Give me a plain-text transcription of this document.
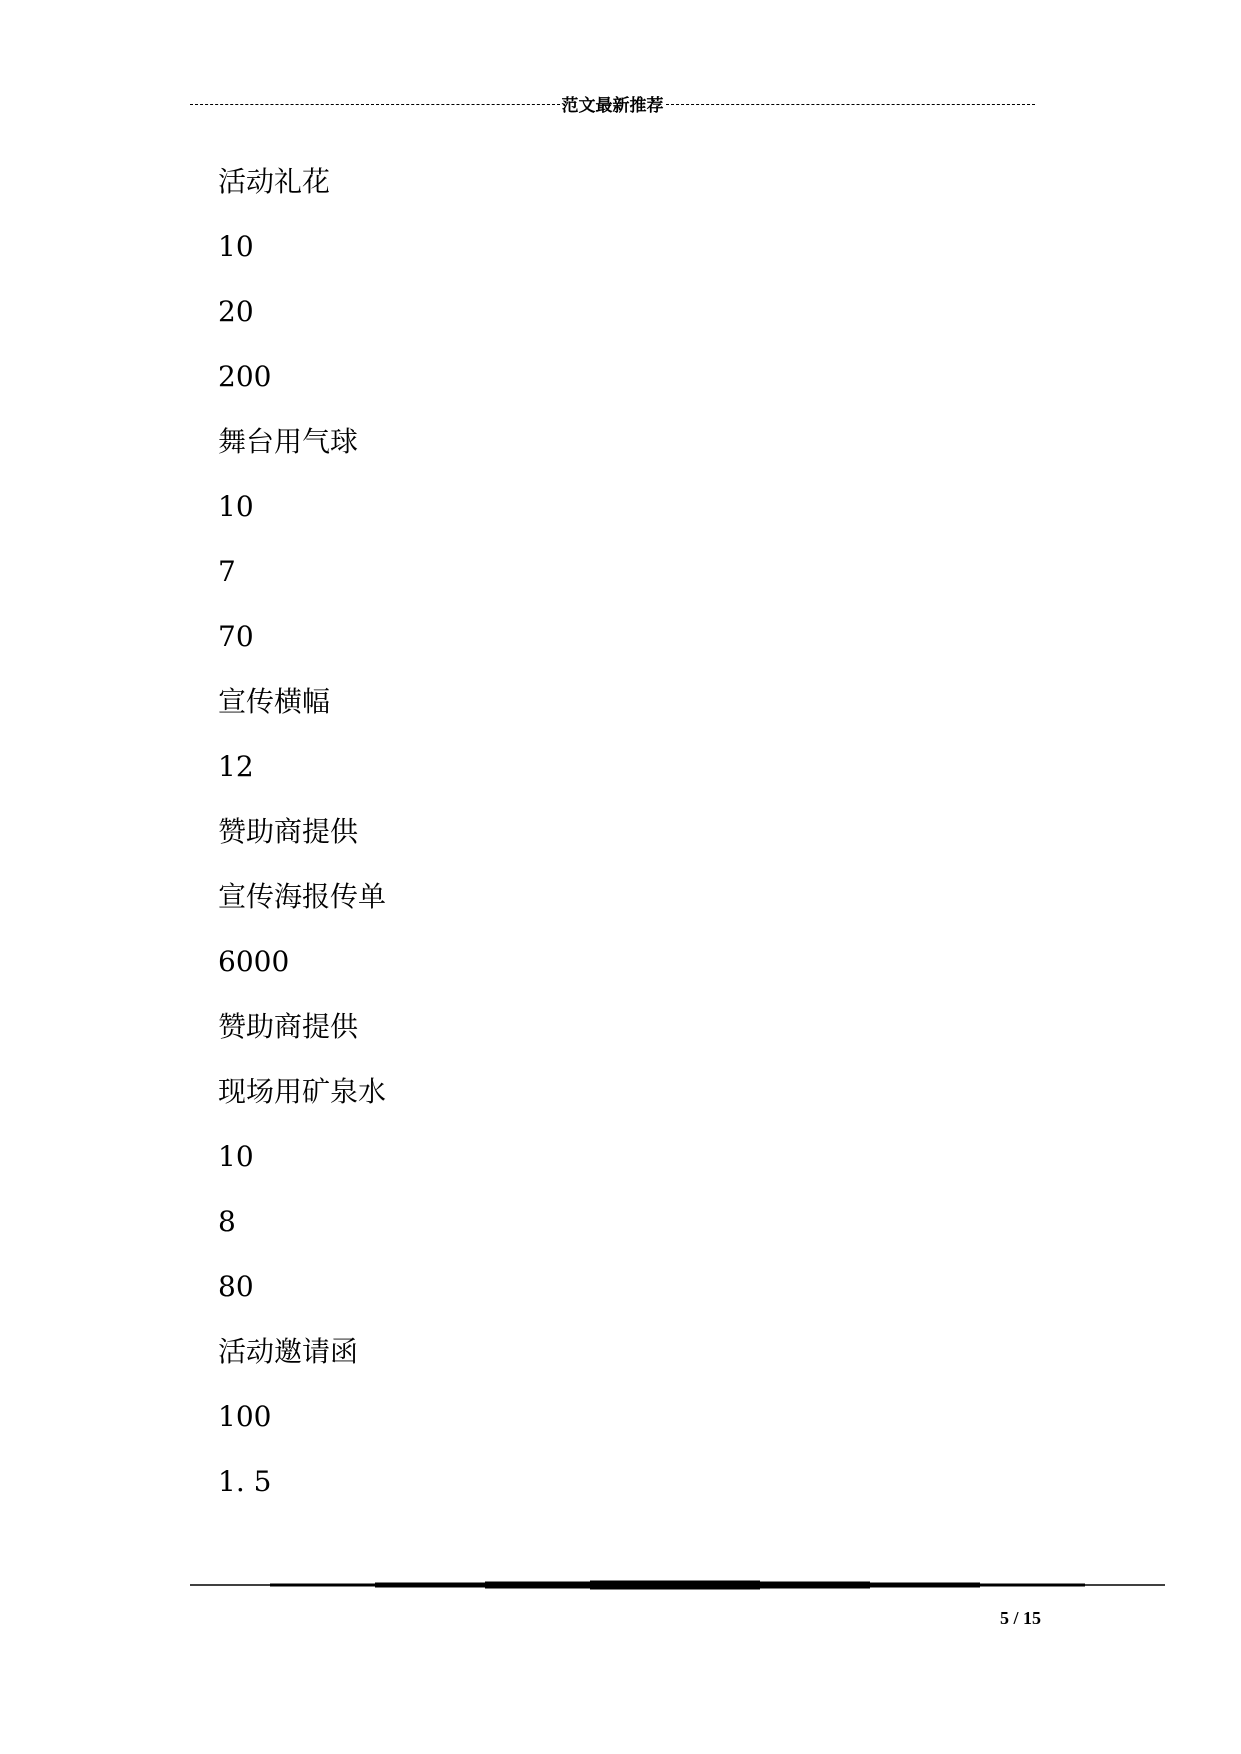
范文最新推荐
活动礼花
10
20
200
舞台用气球
10
7
70
宣传横幅
12
赞助商提供
宣传海报传单
6000
赞助商提供
现场用矿泉水
10
8
80
活动邀请函
100
1. 5
5 / 15
